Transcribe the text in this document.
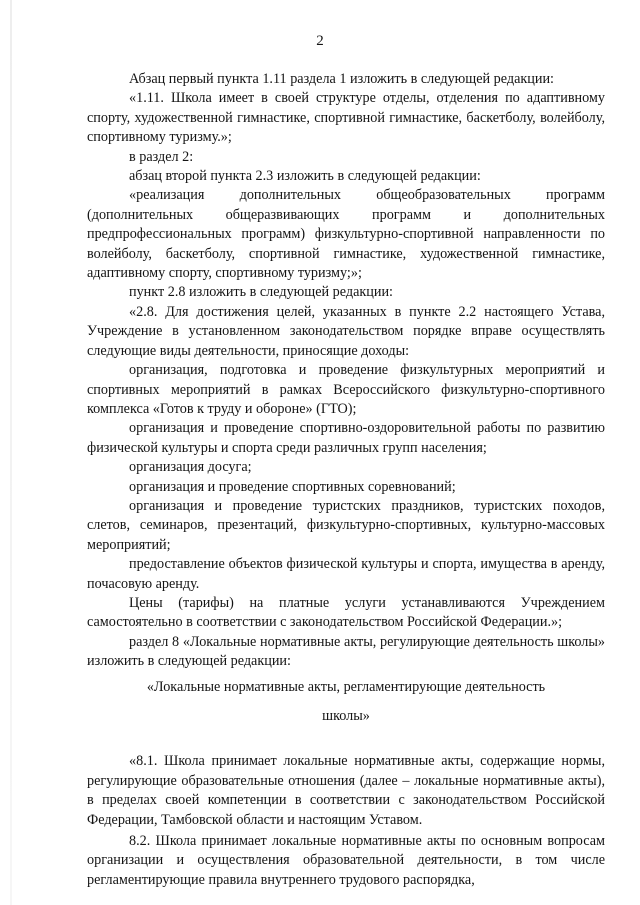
2

Абзац первый пункта 1.11 раздела 1 изложить в следующей редакции:

«1.11. Школа имеет в своей структуре отделы, отделения по адаптивному спорту, художественной гимнастике, спортивной гимнастике, баскетболу, волейболу, спортивному туризму.»;

в раздел 2:

абзац второй пункта 2.3 изложить в следующей редакции:

«реализация дополнительных общеобразовательных программ (дополнительных общеразвивающих программ и дополнительных предпрофессиональных программ) физкультурно-спортивной направленности по волейболу, баскетболу, спортивной гимнастике, художественной гимнастике, адаптивному спорту, спортивному туризму;»;

пункт 2.8 изложить в следующей редакции:

«2.8. Для достижения целей, указанных в пункте 2.2 настоящего Устава, Учреждение в установленном законодательством порядке вправе осуществлять следующие виды деятельности, приносящие доходы:

организация, подготовка и проведение физкультурных мероприятий и спортивных мероприятий в рамках Всероссийского физкультурно-спортивного комплекса «Готов к труду и обороне» (ГТО);

организация и проведение спортивно-оздоровительной работы по развитию физической культуры и спорта среди различных групп населения;

организация досуга;

организация и проведение спортивных соревнований;

организация и проведение туристских праздников, туристских походов, слетов, семинаров, презентаций, физкультурно-спортивных, культурно-массовых мероприятий;

предоставление объектов физической культуры и спорта, имущества в аренду, почасовую аренду.

Цены (тарифы) на платные услуги устанавливаются Учреждением самостоятельно в соответствии с законодательством Российской Федерации.»;

раздел 8 «Локальные нормативные акты, регулирующие деятельность школы» изложить в следующей редакции:

«Локальные нормативные акты, регламентирующие деятельность

школы»

«8.1. Школа принимает локальные нормативные акты, содержащие нормы, регулирующие образовательные отношения (далее – локальные нормативные акты), в пределах своей компетенции в соответствии с законодательством Российской Федерации, Тамбовской области и настоящим Уставом.

8.2. Школа принимает локальные нормативные акты по основным вопросам организации и осуществления образовательной деятельности, в том числе регламентирующие правила внутреннего трудового распорядка,
